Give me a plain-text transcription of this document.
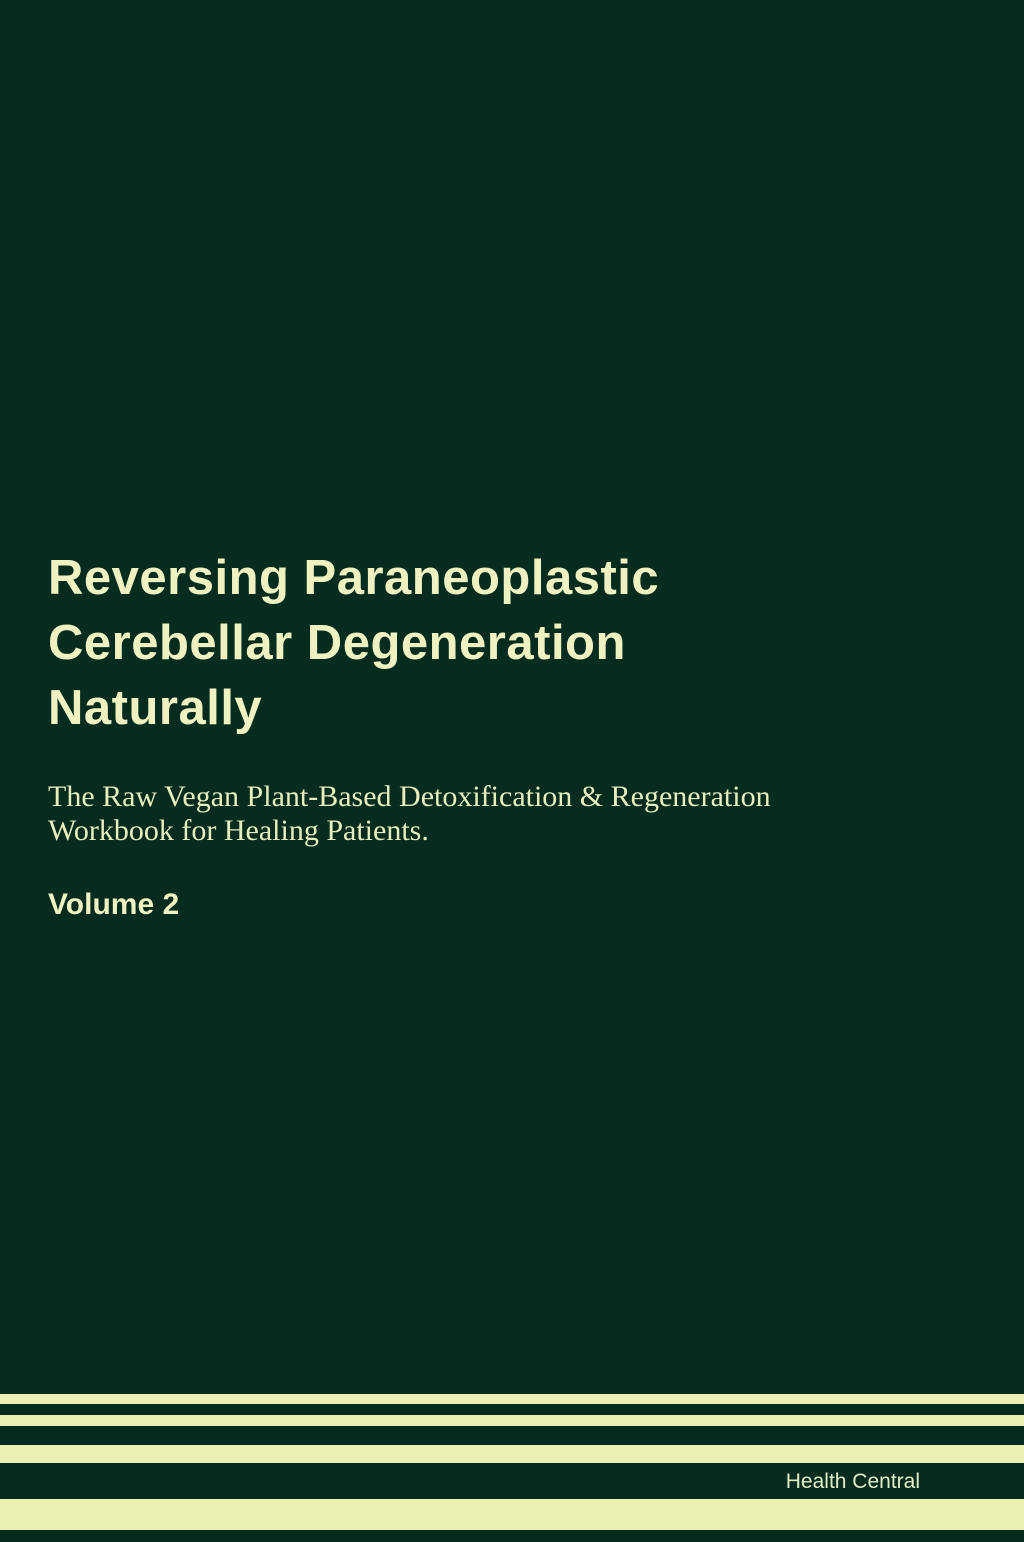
Reversing Paraneoplastic
Cerebellar Degeneration
Naturally

The Raw Vegan Plant-Based Detoxification & Regeneration
Workbook for Healing Patients.

Volume 2

Health Central
